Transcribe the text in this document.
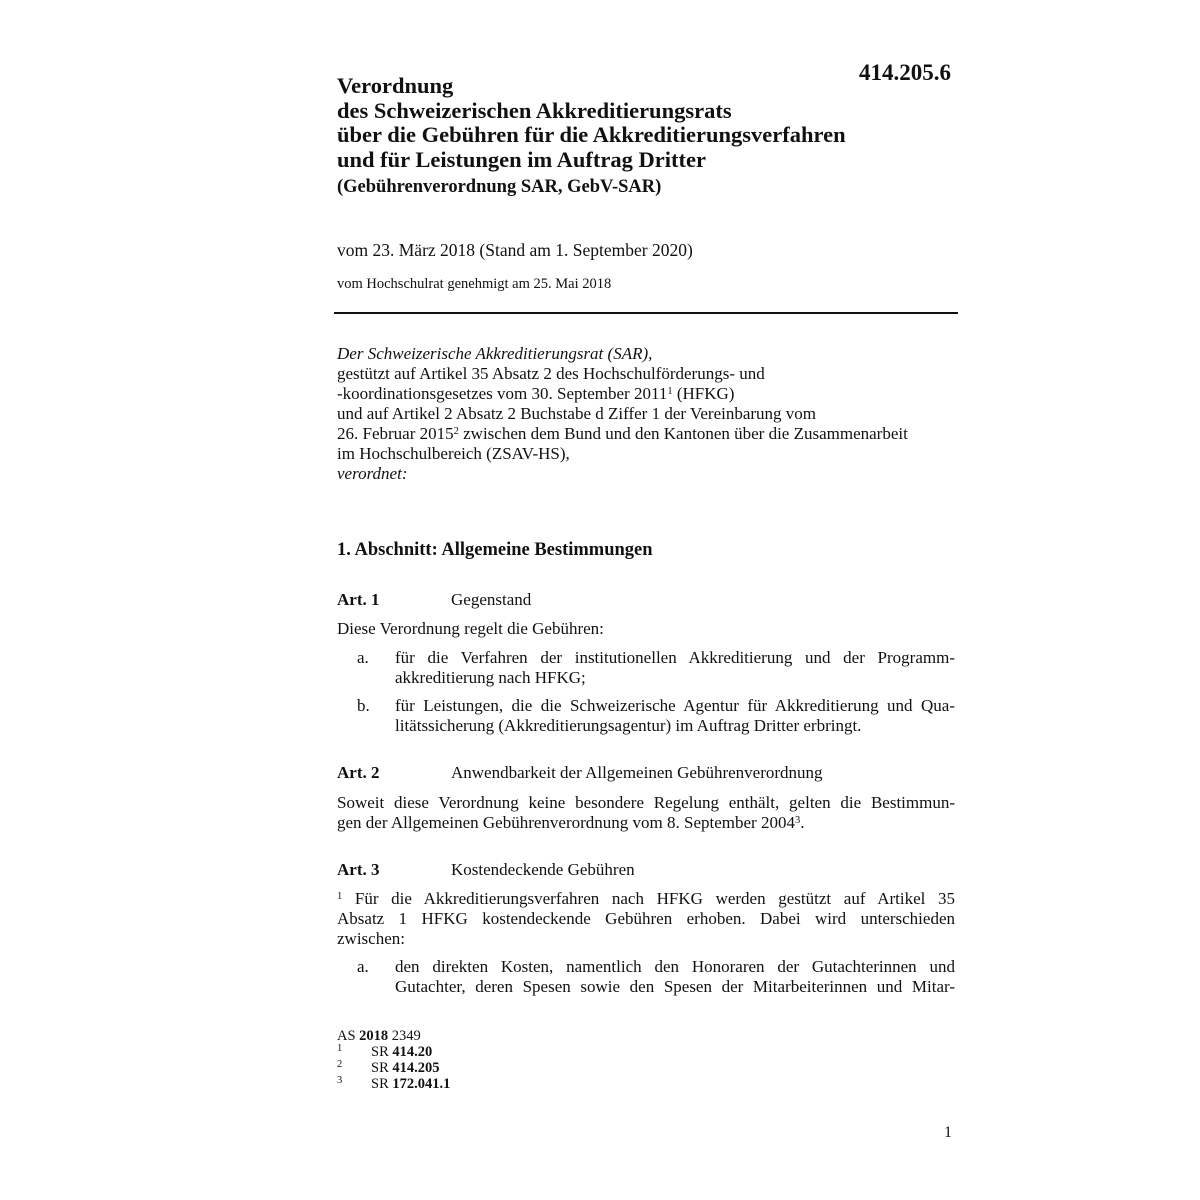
414.205.6
Verordnung
des Schweizerischen Akkreditierungsrats
über die Gebühren für die Akkreditierungsverfahren
und für Leistungen im Auftrag Dritter
(Gebührenverordnung SAR, GebV-SAR)
vom 23. März 2018 (Stand am 1. September 2020)
vom Hochschulrat genehmigt am 25. Mai 2018
Der Schweizerische Akkreditierungsrat (SAR),
gestützt auf Artikel 35 Absatz 2 des Hochschulförderungs- und
-koordinationsgesetzes vom 30. September 2011$^1$ (HFKG)
und auf Artikel 2 Absatz 2 Buchstabe d Ziffer 1 der Vereinbarung vom
26. Februar 2015$^2$ zwischen dem Bund und den Kantonen über die Zusammenarbeit
im Hochschulbereich (ZSAV-HS),
verordnet:
1. Abschnitt: Allgemeine Bestimmungen
Art. 1	Gegenstand
Diese Verordnung regelt die Gebühren:
a.	für die Verfahren der institutionellen Akkreditierung und der Programm-
akkreditierung nach HFKG;
b.	für Leistungen, die die Schweizerische Agentur für Akkreditierung und Qua-
litätssicherung (Akkreditierungsagentur) im Auftrag Dritter erbringt.
Art. 2	Anwendbarkeit der Allgemeinen Gebührenverordnung
Soweit diese Verordnung keine besondere Regelung enthält, gelten die Bestimmun-
gen der Allgemeinen Gebührenverordnung vom 8. September 2004$^3$.
Art. 3	Kostendeckende Gebühren
$^1$ Für die Akkreditierungsverfahren nach HFKG werden gestützt auf Artikel 35
Absatz 1 HFKG kostendeckende Gebühren erhoben. Dabei wird unterschieden
zwischen:
a.	den direkten Kosten, namentlich den Honoraren der Gutachterinnen und
Gutachter, deren Spesen sowie den Spesen der Mitarbeiterinnen und Mitar-
AS 2018 2349
1 SR 414.20
2 SR 414.205
3 SR 172.041.1
1
